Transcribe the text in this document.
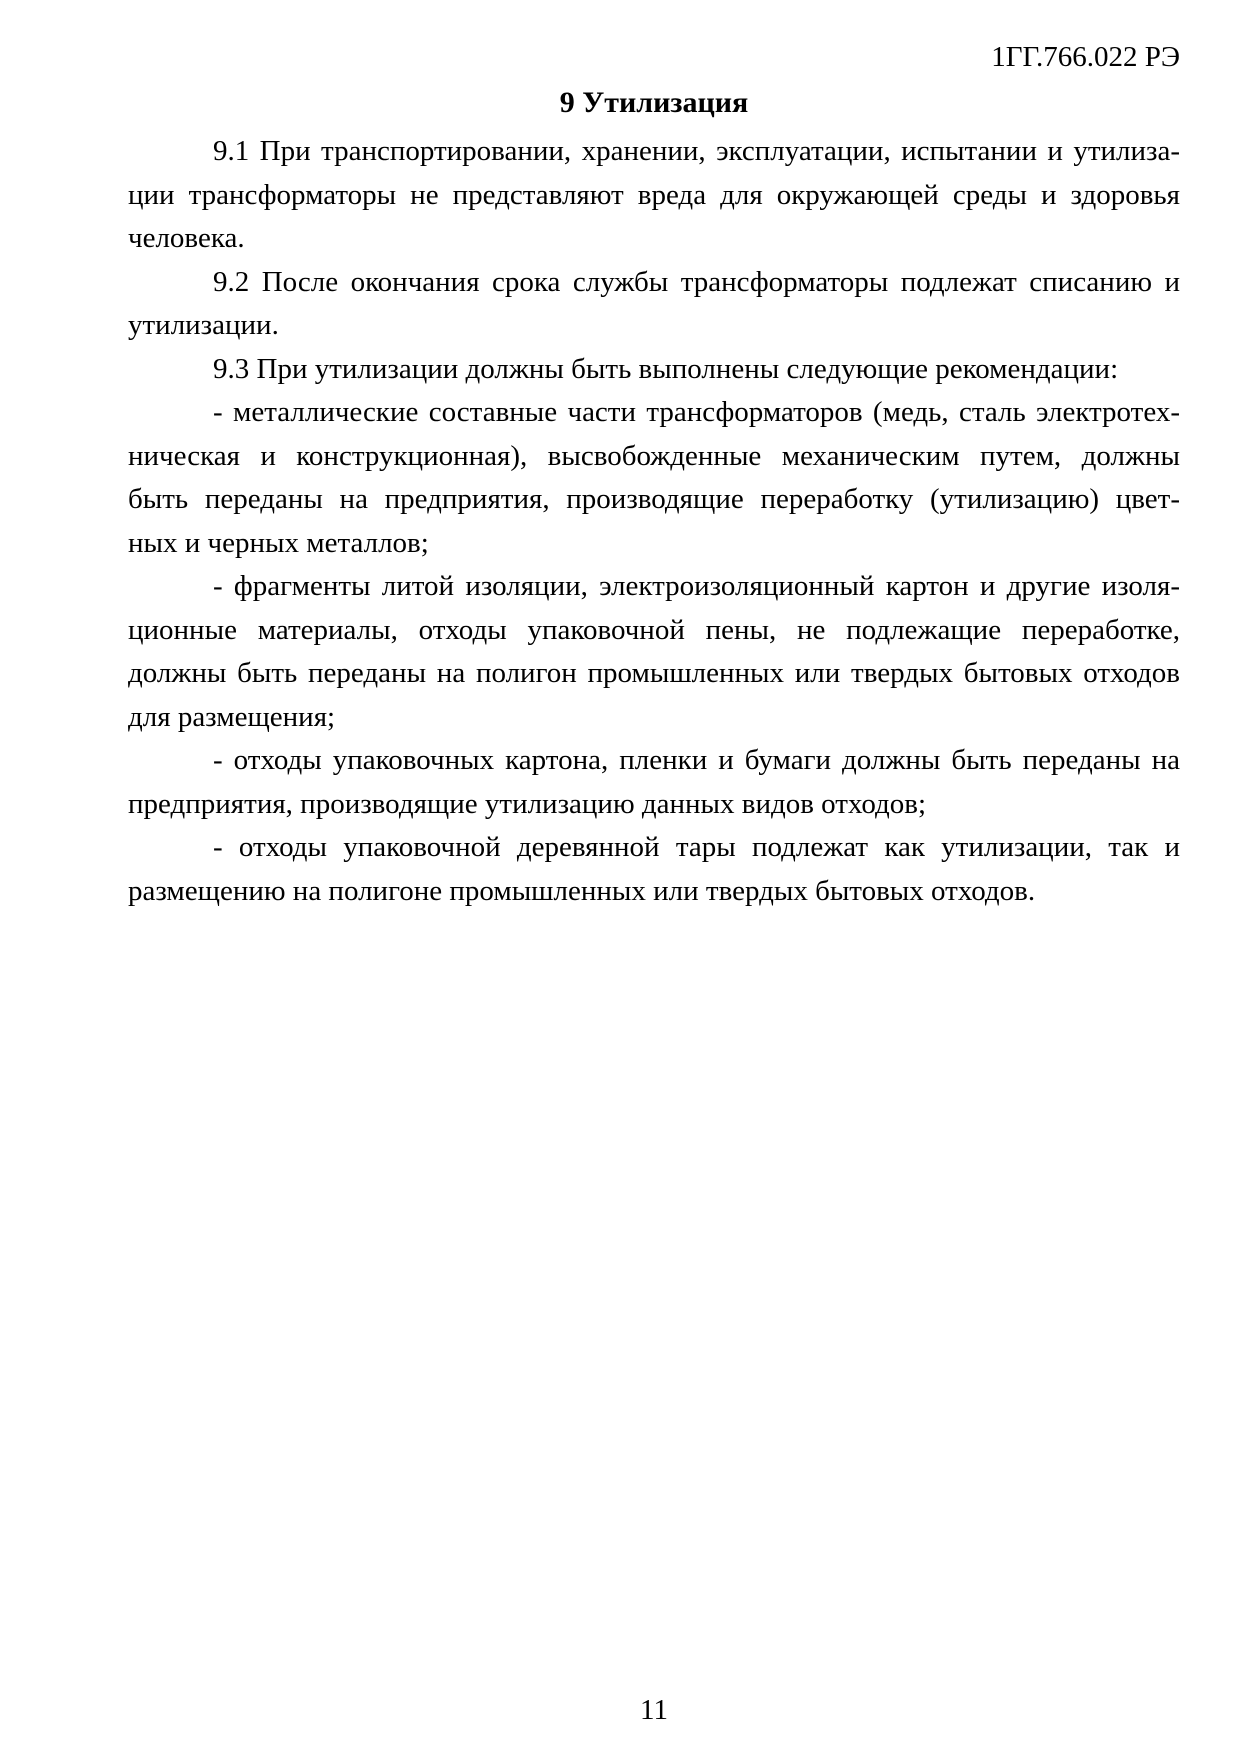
1ГГ.766.022 РЭ
9 Утилизация

9.1 При транспортировании, хранении, эксплуатации, испытании и утилиза-
ции трансформаторы не представляют вреда для окружающей среды и здоровья
человека.

9.2 После окончания срока службы трансформаторы подлежат списанию и
утилизации.

9.3 При утилизации должны быть выполнены следующие рекомендации:

- металлические составные части трансформаторов (медь, сталь электротех-
ническая и конструкционная), высвобожденные механическим путем, должны
быть переданы на предприятия, производящие переработку (утилизацию) цвет-
ных и черных металлов;

- фрагменты литой изоляции, электроизоляционный картон и другие изоля-
ционные материалы, отходы упаковочной пены, не подлежащие переработке,
должны быть переданы на полигон промышленных или твердых бытовых отходов
для размещения;

- отходы упаковочных картона, пленки и бумаги должны быть переданы на
предприятия, производящие утилизацию данных видов отходов;

- отходы упаковочной деревянной тары подлежат как утилизации, так и
размещению на полигоне промышленных или твердых бытовых отходов.

11
